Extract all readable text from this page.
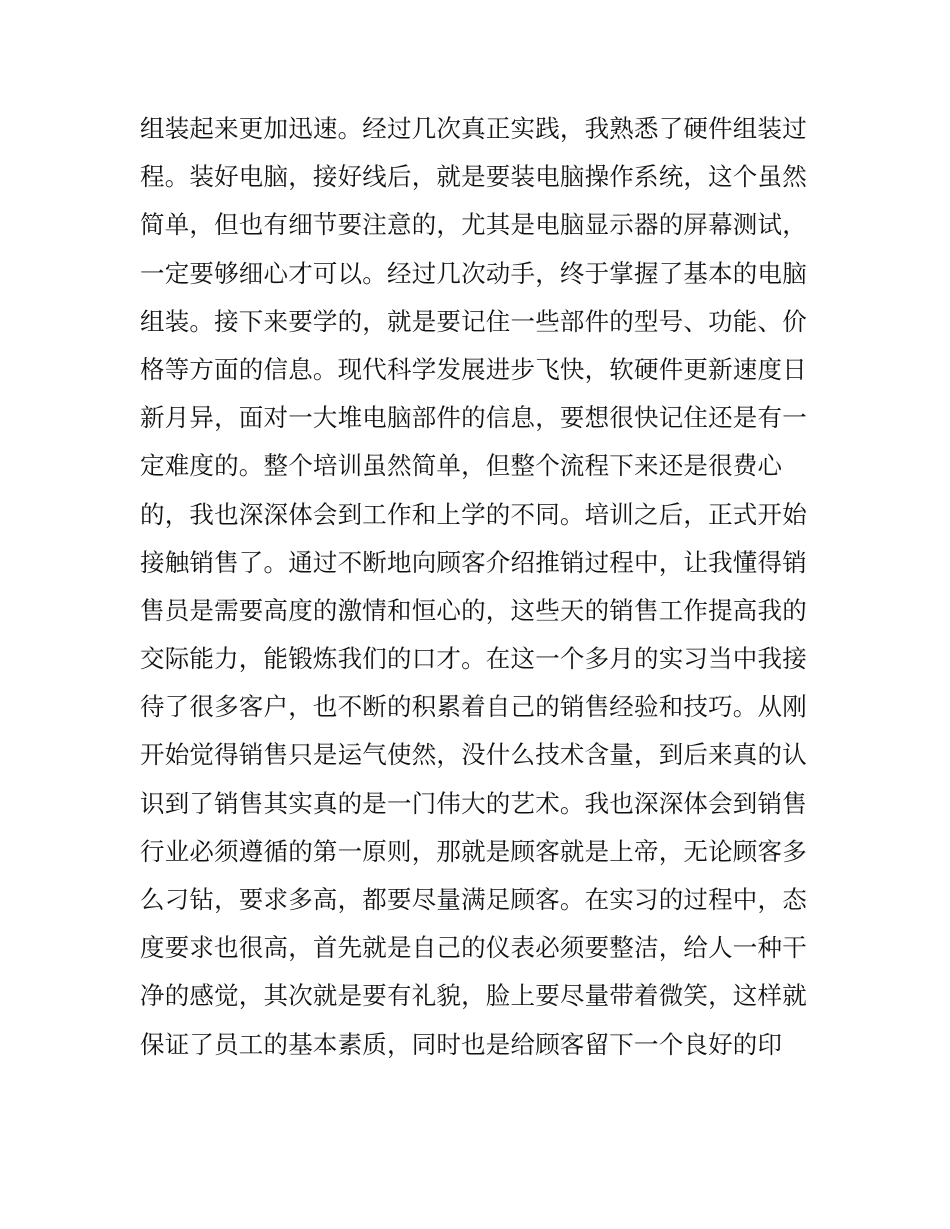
组装起来更加迅速。经过几次真正实践，我熟悉了硬件组装过
程。装好电脑，接好线后，就是要装电脑操作系统，这个虽然
简单，但也有细节要注意的，尤其是电脑显示器的屏幕测试，
一定要够细心才可以。经过几次动手，终于掌握了基本的电脑
组装。接下来要学的，就是要记住一些部件的型号、功能、价
格等方面的信息。现代科学发展进步飞快，软硬件更新速度日
新月异，面对一大堆电脑部件的信息，要想很快记住还是有一
定难度的。整个培训虽然简单，但整个流程下来还是很费心
的，我也深深体会到工作和上学的不同。培训之后，正式开始
接触销售了。通过不断地向顾客介绍推销过程中，让我懂得销
售员是需要高度的激情和恒心的，这些天的销售工作提高我的
交际能力，能锻炼我们的口才。在这一个多月的实习当中我接
待了很多客户，也不断的积累着自己的销售经验和技巧。从刚
开始觉得销售只是运气使然，没什么技术含量，到后来真的认
识到了销售其实真的是一门伟大的艺术。我也深深体会到销售
行业必须遵循的第一原则，那就是顾客就是上帝，无论顾客多
么刁钻，要求多高，都要尽量满足顾客。在实习的过程中，态
度要求也很高，首先就是自己的仪表必须要整洁，给人一种干
净的感觉，其次就是要有礼貌，脸上要尽量带着微笑，这样就
保证了员工的基本素质，同时也是给顾客留下一个良好的印
